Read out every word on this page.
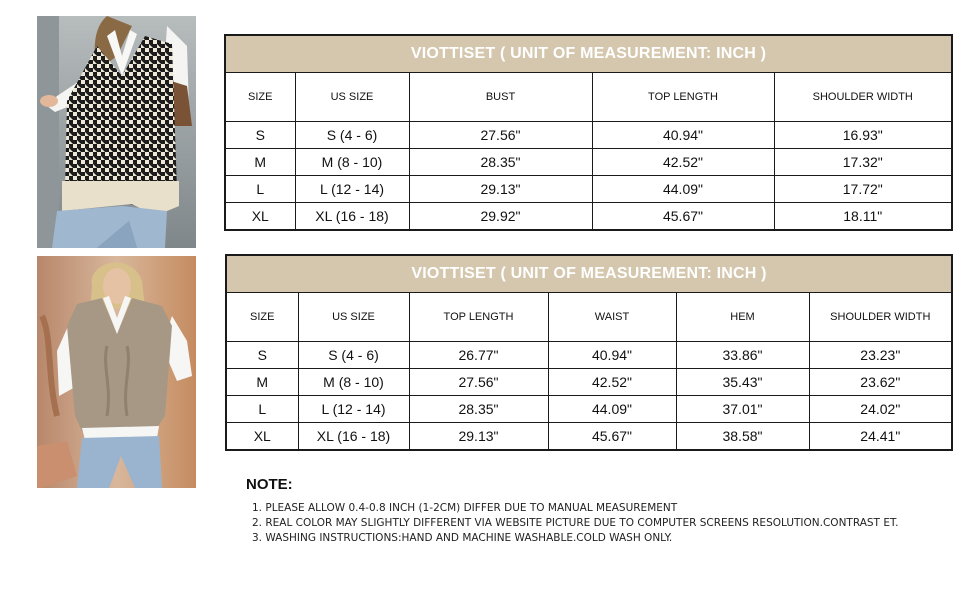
VIOTTISET ( UNIT OF MEASUREMENT: INCH )				
SIZE	US SIZE	BUST	TOP LENGTH	SHOULDER WIDTH
S	S (4 - 6)	27.56"	40.94"	16.93"
M	M (8 - 10)	28.35"	42.52"	17.32"
L	L (12 - 14)	29.13"	44.09"	17.72"
XL	XL (16 - 18)	29.92"	45.67"	18.11"
VIOTTISET ( UNIT OF MEASUREMENT: INCH )					
SIZE	US SIZE	TOP LENGTH	WAIST	HEM	SHOULDER WIDTH
S	S (4 - 6)	26.77"	40.94"	33.86"	23.23"
M	M (8 - 10)	27.56"	42.52"	35.43"	23.62"
L	L (12 - 14)	28.35"	44.09"	37.01"	24.02"
XL	XL (16 - 18)	29.13"	45.67"	38.58"	24.41"
NOTE:
1. PLEASE ALLOW 0.4-0.8 INCH (1-2CM) DIFFER DUE TO MANUAL MEASUREMENT
2. REAL COLOR MAY SLIGHTLY DIFFERENT VIA WEBSITE PICTURE DUE TO COMPUTER SCREENS RESOLUTION.CONTRAST ET.
3. WASHING INSTRUCTIONS:HAND AND MACHINE WASHABLE.COLD WASH ONLY.
